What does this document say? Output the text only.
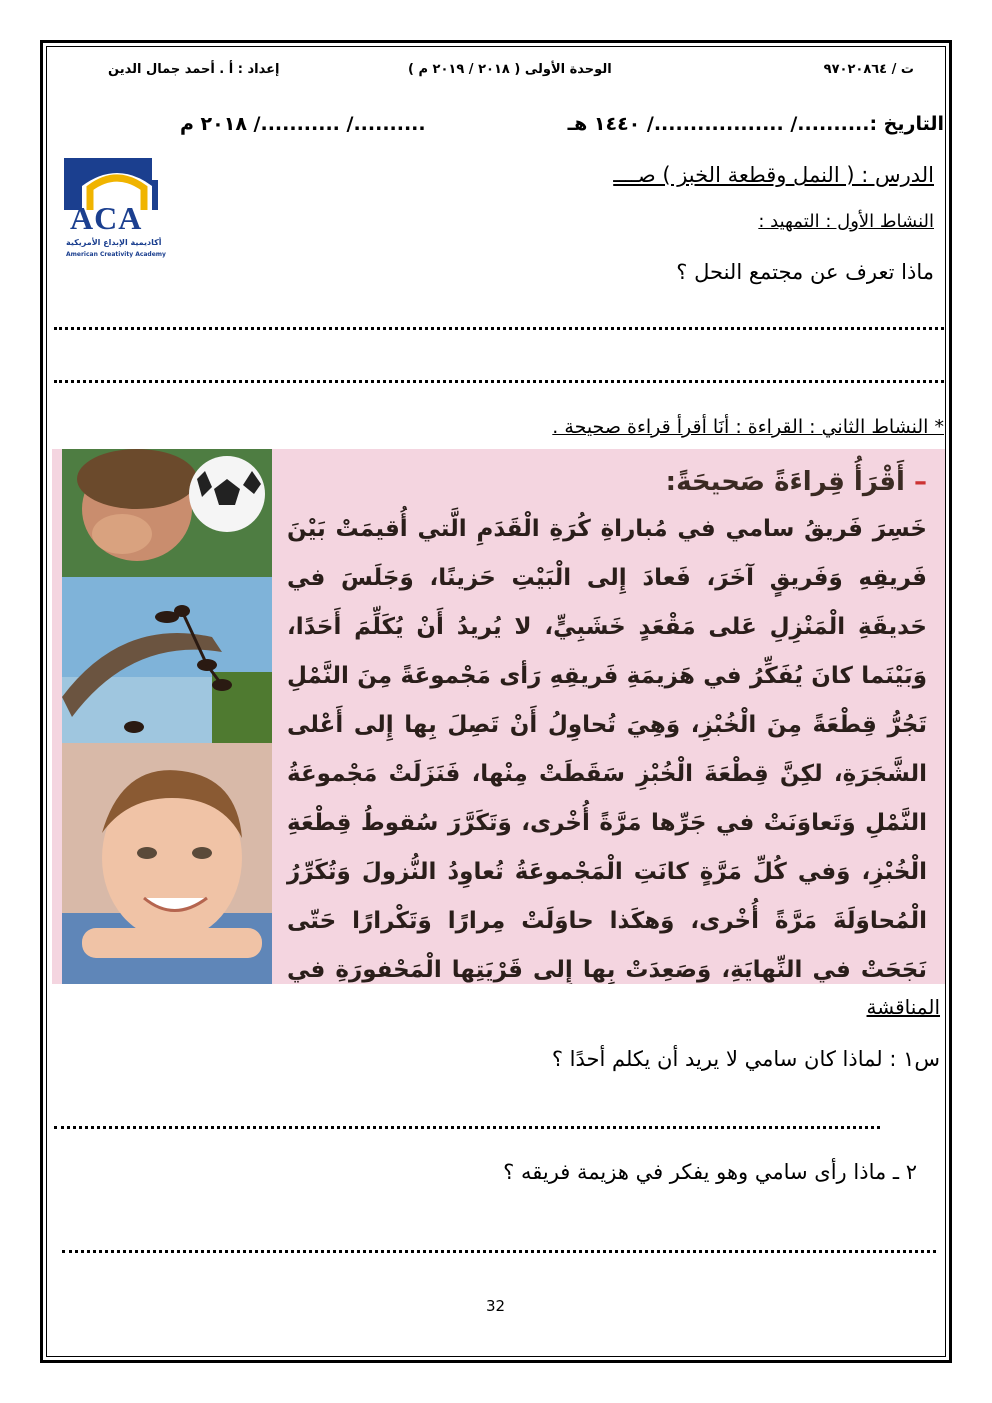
ت / ٩٧٠٢٠٨٦٤
الوحدة الأولى ( ٢٠١٨ / ٢٠١٩ م )
إعداد : أ . أحمد جمال الدين
التاريخ :........../ ................../ ١٤٤٠ هـ
........../ .........../ ٢٠١٨ م
ACA
أكاديمية الإبداع الأمريكية
American Creativity Academy
الدرس : ( النمل وقطعة الخبز ) صــــ
النشاط الأول : التمهيد :
ماذا تعرف عن مجتمع النحل ؟
* النشاط الثاني : القراءة : أنَا أقرأ قراءة صحيحة .
– أَقْرَأُ قِراءَةً صَحيحَةً:
خَسِرَ فَريقُ سامي في مُباراةِ كُرَةِ الْقَدَمِ الَّتي أُقيمَتْ بَيْنَ فَريقِهِ وَفَريقٍ آخَرَ، فَعادَ إِلى الْبَيْتِ حَزينًا، وَجَلَسَ في حَديقَةِ الْمَنْزِلِ عَلى مَقْعَدٍ خَشَبِيٍّ، لا يُريدُ أَنْ يُكَلِّمَ أَحَدًا، وَبَيْنَما كانَ يُفَكِّرُ في هَزيمَةِ فَريقِهِ رَأى مَجْموعَةً مِنَ النَّمْلِ تَجُرُّ قِطْعَةً مِنَ الْخُبْزِ، وَهِيَ تُحاوِلُ أَنْ تَصِلَ بِها إِلى أَعْلى الشَّجَرَةِ، لكِنَّ قِطْعَةَ الْخُبْزِ سَقَطَتْ مِنْها، فَنَزَلَتْ مَجْموعَةُ النَّمْلِ وَتَعاوَنَتْ في جَرِّها مَرَّةً أُخْرى، وَتَكَرَّرَ سُقوطُ قِطْعَةِ الْخُبْزِ، وَفي كُلِّ مَرَّةٍ كانَتِ الْمَجْموعَةُ تُعاوِدُ النُّزولَ وَتُكَرِّرُ الْمُحاوَلَةَ مَرَّةً أُخْرى، وَهكَذا حاوَلَتْ مِرارًا وَتَكْرارًا حَتّى نَجَحَتْ في النِّهايَةِ، وَصَعِدَتْ بِها إِلى قَرْيَتِها الْمَحْفورَةِ في
المناقشة
س١ : لماذا كان سامي لا يريد أن يكلم أحدًا ؟
٢ ـ ماذا رأى سامي وهو يفكر في هزيمة فريقه ؟
32
